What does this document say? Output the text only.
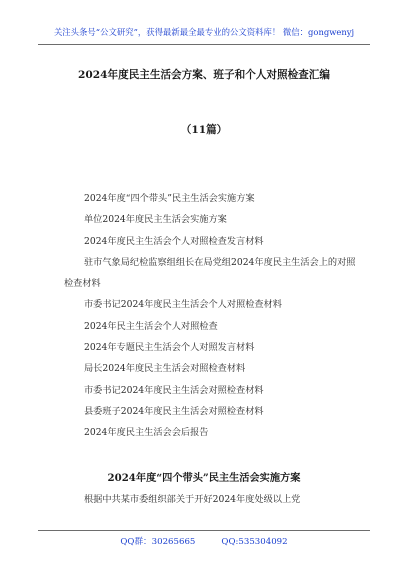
关注头条号“公文研究”，获得最新最全最专业的公文资料库！ 微信：gongwenyj
2024年度民主生活会方案、班子和个人对照检查汇编
（11篇）
2024年度“四个带头”民主生活会实施方案
单位2024年度民主生活会实施方案
2024年度民主生活会个人对照检查发言材料
驻市气象局纪检监察组组长在局党组2024年度民主生活会上的对照检查材料
市委书记2024年度民主生活会个人对照检查材料
2024年民主生活会个人对照检查
2024年专题民主生活会个人对照发言材料
局长2024年度民主生活会对照检查材料
市委书记2024年度民主生活会对照检查材料
县委班子2024年度民主生活会对照检查材料
2024年度民主生活会会后报告
2024年度“四个带头”民主生活会实施方案
根据中共某市委组织部关于开好2024年度处级以上党
QQ群：30265665	QQ:535304092
